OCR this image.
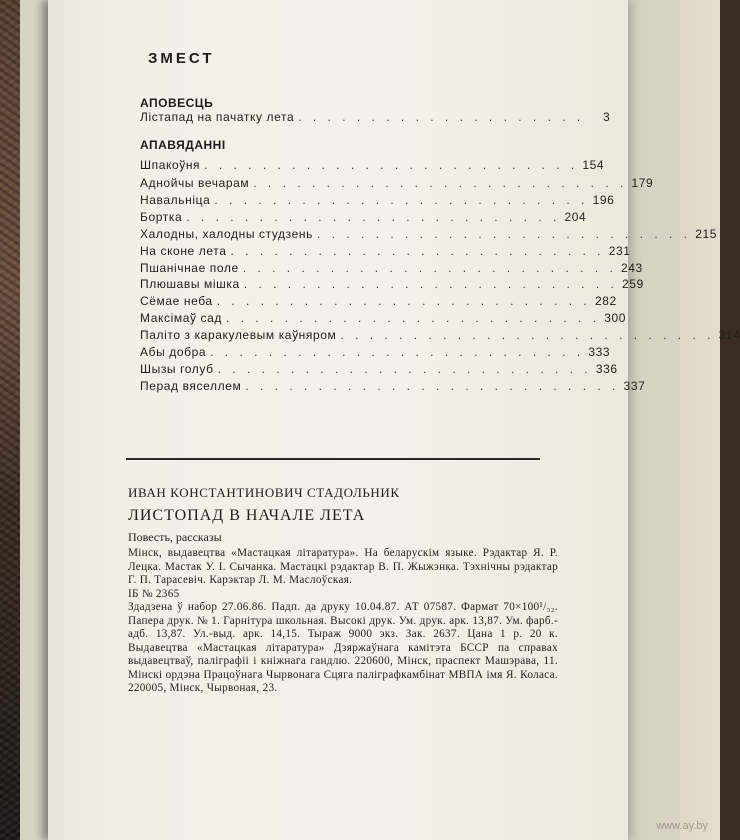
ЗМЕСТ
АПОВЕСЦЬ
Лістапад на пачатку лета . . . . . . . . . . . . . . . . . . . .	3
АПАВЯДАННІ
Шпакоўня . . . . . . . . . . . . . . . . . . . . . . . . . . 154
Аднойчы вечарам . . . . . . . . . . . . . . . . . . . . . . . . . . 179
Навальніца . . . . . . . . . . . . . . . . . . . . . . . . . . 196
Бортка . . . . . . . . . . . . . . . . . . . . . . . . . . 204
Халодны, халодны студзень . . . . . . . . . . . . . . . . . . . . . . . . . . 215
На сконе лета . . . . . . . . . . . . . . . . . . . . . . . . . . 231
Пшанічнае поле . . . . . . . . . . . . . . . . . . . . . . . . . . 243
Плюшавы мішка . . . . . . . . . . . . . . . . . . . . . . . . . . 259
Сёмае неба . . . . . . . . . . . . . . . . . . . . . . . . . . 282
Максімаў сад . . . . . . . . . . . . . . . . . . . . . . . . . . 300
Паліто з каракулевым каўняром . . . . . . . . . . . . . . . . . . . . . . . . . . 314
Абы добра . . . . . . . . . . . . . . . . . . . . . . . . . . 333
Шызы голуб . . . . . . . . . . . . . . . . . . . . . . . . . . 336
Перад вяселлем . . . . . . . . . . . . . . . . . . . . . . . . . . 337
ИВАН КОНСТАНТИНОВИЧ СТАДОЛЬНИК
ЛИСТОПАД В НАЧАЛЕ ЛЕТА
Повесть, рассказы

Мінск, выдавецтва «Мастацкая літаратура». На беларускім языке. Рэдактар Я. Р. Лецка. Мастак У. І. Сычанка. Мастацкі рэдактар В. П. Жыжэнка. Тэхнічны рэдактар Г. П. Тарасевіч. Карэктар Л. М. Маслоўская.

ІБ № 2365

Здадзена ў набор 27.06.86. Падп. да друку 10.04.87. АТ 07587. Фармат 70×100¹/₃₂. Папера друк. № 1. Гарнітура школьная. Высокі друк. Ум. друк. арк. 13,87. Ум. фарб.-адб. 13,87. Ул.-выд. арк. 14,15. Тыраж 9000 экз. Зак. 2637. Цана 1 р. 20 к. Выдавецтва «Мастацкая літаратура» Дзяржаўнага камітэта БССР па справах выдавецтваў, паліграфіі і кніжнага гандлю. 220600, Мінск, праспект Машэрава, 11. Мінскі ордэна Працоўнага Чырвонага Сцяга паліграфкамбінат МВПА імя Я. Коласа. 220005, Мінск, Чырвоная, 23.

www.ay.by
